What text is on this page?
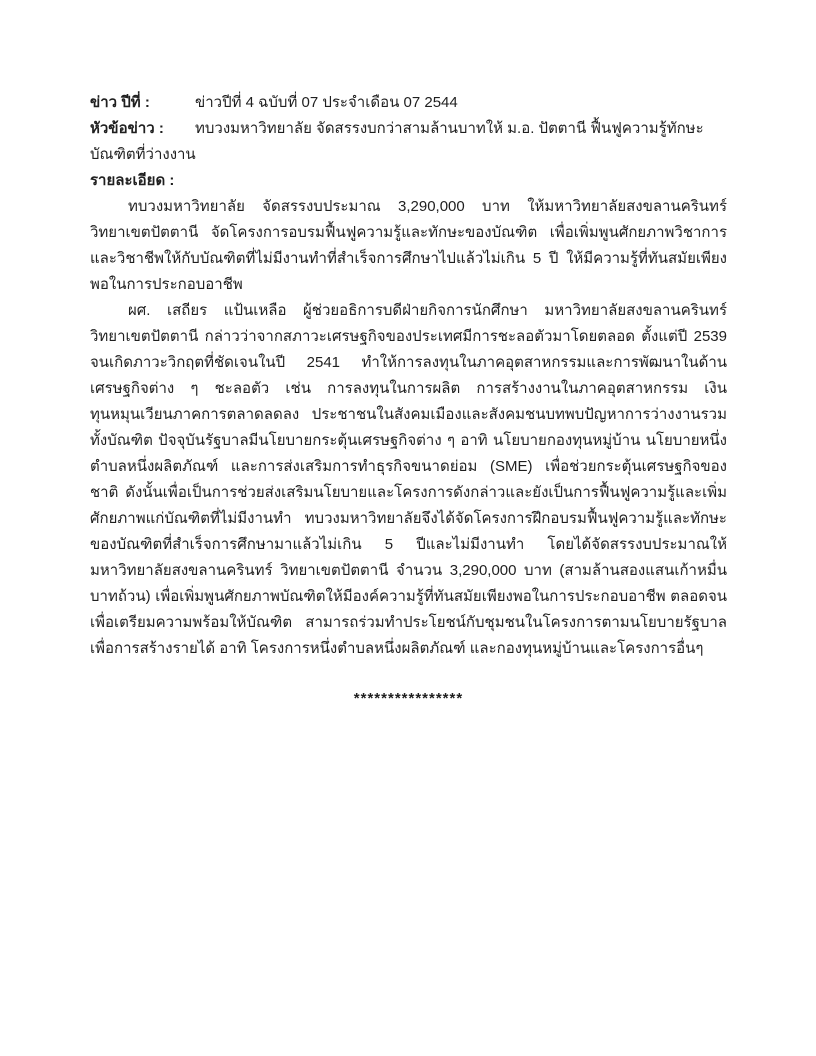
ข่าว ปีที่ :	ข่าวปีที่ 4 ฉบับที่ 07 ประจำเดือน 07 2544

หัวข้อข่าว : ทบวงมหาวิทยาลัย จัดสรรงบกว่าสามล้านบาทให้ ม.อ. ปัตตานี ฟื้นฟูความรู้ทักษะบัณฑิตที่ว่างงาน

รายละเอียด :

ทบวงมหาวิทยาลัย จัดสรรงบประมาณ 3,290,000 บาท ให้มหาวิทยาลัยสงขลานครินทร์ วิทยาเขตปัตตานี จัดโครงการอบรมฟื้นฟูความรู้และทักษะของบัณฑิต เพื่อเพิ่มพูนศักยภาพวิชาการและวิชาชีพให้กับบัณฑิตที่ไม่มีงานทำที่สำเร็จการศึกษาไปแล้วไม่เกิน 5 ปี ให้มีความรู้ที่ทันสมัยเพียงพอในการประกอบอาชีพ

ผศ. เสถียร แป้นเหลือ ผู้ช่วยอธิการบดีฝ่ายกิจการนักศึกษา มหาวิทยาลัยสงขลานครินทร์ วิทยาเขตปัตตานี กล่าวว่าจากสภาวะเศรษฐกิจของประเทศมีการชะลอตัวมาโดยตลอด ตั้งแต่ปี 2539 จนเกิดภาวะวิกฤตที่ชัดเจนในปี 2541 ทำให้การลงทุนในภาคอุตสาหกรรมและการพัฒนาในด้านเศรษฐกิจต่าง ๆ ชะลอตัว เช่น การลงทุนในการผลิต การสร้างงานในภาคอุตสาหกรรม เงินทุนหมุนเวียนภาคการตลาดลดลง ประชาชนในสังคมเมืองและสังคมชนบทพบปัญหาการว่างงานรวมทั้งบัณฑิต ปัจจุบันรัฐบาลมีนโยบายกระตุ้นเศรษฐกิจต่าง ๆ อาทิ นโยบายกองทุนหมู่บ้าน นโยบายหนึ่งตำบลหนึ่งผลิตภัณฑ์ และการส่งเสริมการทำธุรกิจขนาดย่อม (SME) เพื่อช่วยกระตุ้นเศรษฐกิจของชาติ ดังนั้นเพื่อเป็นการช่วยส่งเสริมนโยบายและโครงการดังกล่าวและยังเป็นการฟื้นฟูความรู้และเพิ่มศักยภาพแก่บัณฑิตที่ไม่มีงานทำ ทบวงมหาวิทยาลัยจึงได้จัดโครงการฝึกอบรมฟื้นฟูความรู้และทักษะของบัณฑิตที่สำเร็จการศึกษามาแล้วไม่เกิน 5 ปีและไม่มีงานทำ โดยได้จัดสรรงบประมาณให้มหาวิทยาลัยสงขลานครินทร์ วิทยาเขตปัตตานี จำนวน 3,290,000 บาท (สามล้านสองแสนเก้าหมื่นบาทถ้วน) เพื่อเพิ่มพูนศักยภาพบัณฑิตให้มีองค์ความรู้ที่ทันสมัยเพียงพอในการประกอบอาชีพ ตลอดจนเพื่อเตรียมความพร้อมให้บัณฑิต สามารถร่วมทำประโยชน์กับชุมชนในโครงการตามนโยบายรัฐบาลเพื่อการสร้างรายได้ อาทิ โครงการหนึ่งตำบลหนึ่งผลิตภัณฑ์ และกองทุนหมู่บ้านและโครงการอื่นๆ

****************
